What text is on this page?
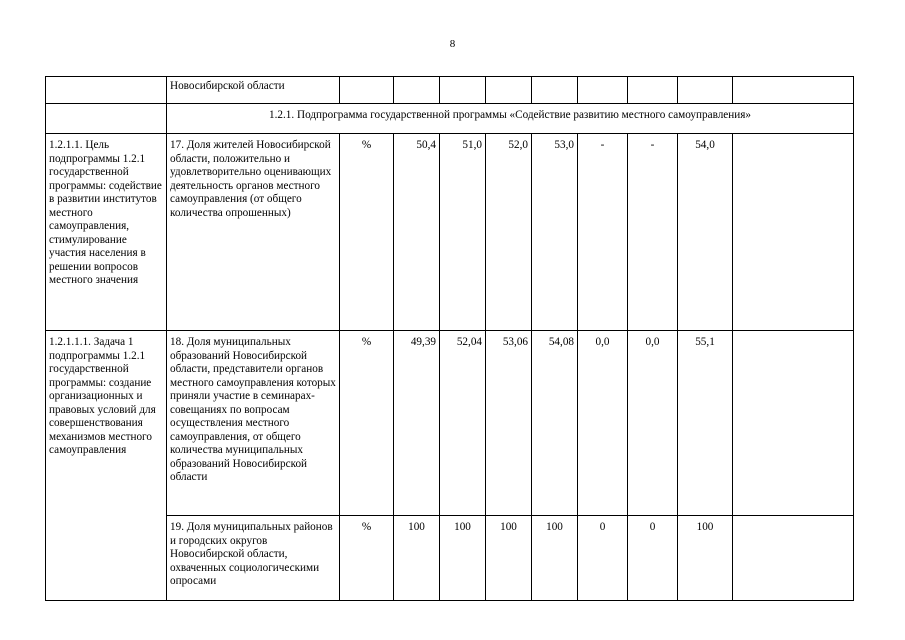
8
	Новосибирской области									
	1.2.1. Подпрограмма государственной программы «Содействие развитию местного самоуправления»									
1.2.1.1. Цель подпрограммы 1.2.1 государственной программы: содействие в развитии институтов местного самоуправления, стимулирование участия населения в решении вопросов местного значения	17. Доля жителей Новосибирской области, положительно и удовлетворительно оценивающих деятельность органов местного самоуправления (от общего количества опрошенных)	%	50,4	51,0	52,0	53,0	-	-	54,0	
1.2.1.1.1. Задача 1 подпрограммы 1.2.1 государственной программы: создание организационных и правовых условий для совершенствования механизмов местного самоуправления	18. Доля муниципальных образований Новосибирской области, представители органов местного самоуправления которых приняли участие в семинарах-совещаниях по вопросам осуществления местного самоуправления, от общего количества муниципальных образований Новосибирской области	%	49,39	52,04	53,06	54,08	0,0	0,0	55,1	
	19. Доля муниципальных районов и городских округов Новосибирской области, охваченных социологическими опросами	%	100	100	100	100	0	0	100	
